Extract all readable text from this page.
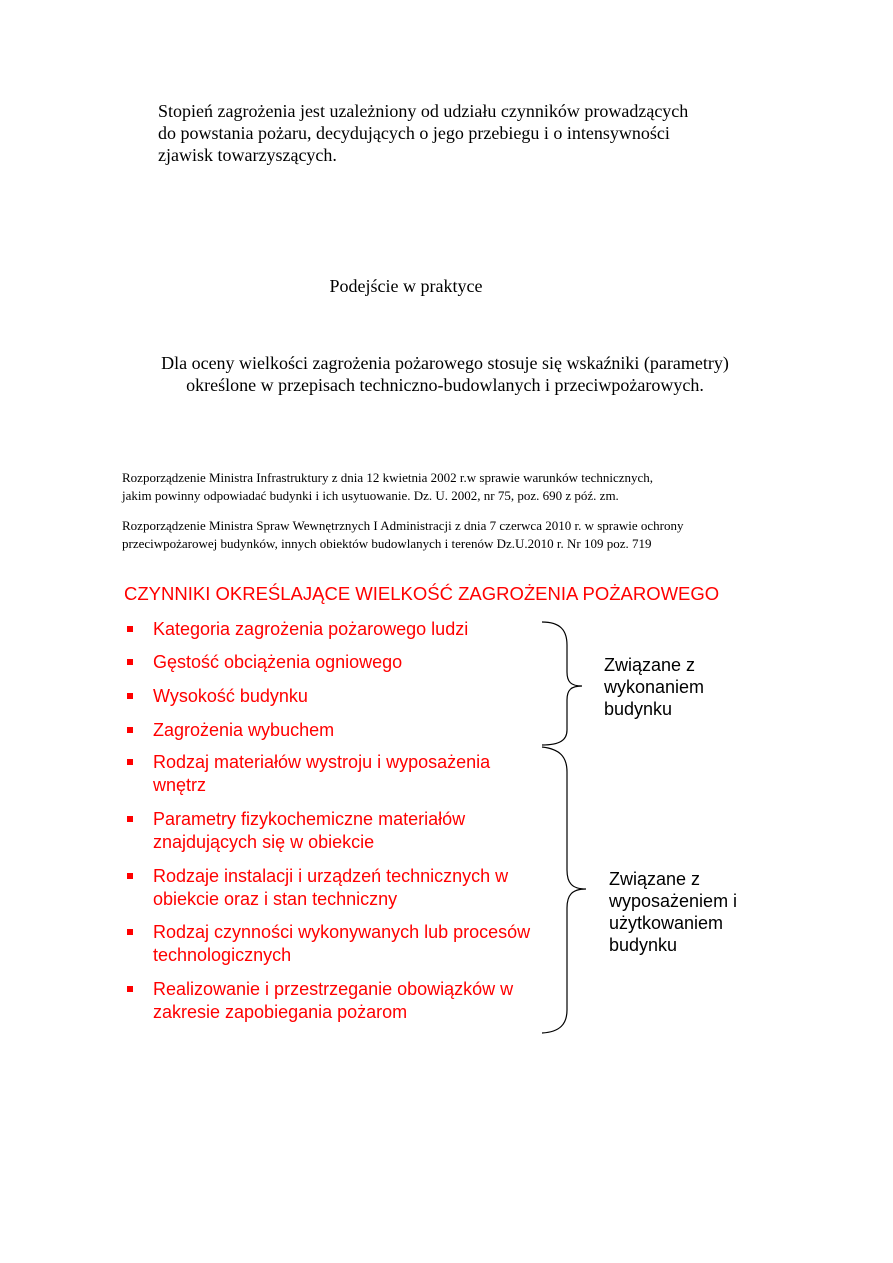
Stopień zagrożenia jest uzależniony od udziału czynników prowadzących
do powstania pożaru, decydujących o jego przebiegu i o intensywności
zjawisk towarzyszących.
Podejście w praktyce
Dla oceny wielkości zagrożenia pożarowego stosuje się wskaźniki (parametry)
określone w przepisach techniczno-budowlanych i przeciwpożarowych.
Rozporządzenie Ministra Infrastruktury z dnia 12 kwietnia 2002 r.w sprawie warunków technicznych,
jakim powinny odpowiadać budynki i ich usytuowanie. Dz. U. 2002, nr 75, poz. 690 z póź. zm.
Rozporządzenie Ministra Spraw Wewnętrznych I Administracji z dnia 7 czerwca 2010 r. w sprawie ochrony
przeciwpożarowej budynków, innych obiektów budowlanych i terenów Dz.U.2010 r. Nr 109 poz. 719
CZYNNIKI OKREŚLAJĄCE WIELKOŚĆ ZAGROŻENIA POŻAROWEGO
Kategoria zagrożenia pożarowego ludzi
Gęstość obciążenia ogniowego
Wysokość budynku
Zagrożenia wybuchem
Rodzaj materiałów wystroju i wyposażenia
wnętrz
Parametry fizykochemiczne materiałów
znajdujących się w obiekcie
Rodzaje instalacji i urządzeń technicznych w
obiekcie oraz i stan techniczny
Rodzaj czynności wykonywanych lub procesów
technologicznych
Realizowanie i przestrzeganie obowiązków w
zakresie zapobiegania pożarom
Związane z
wykonaniem
budynku
Związane z
wyposażeniem i
użytkowaniem
budynku
